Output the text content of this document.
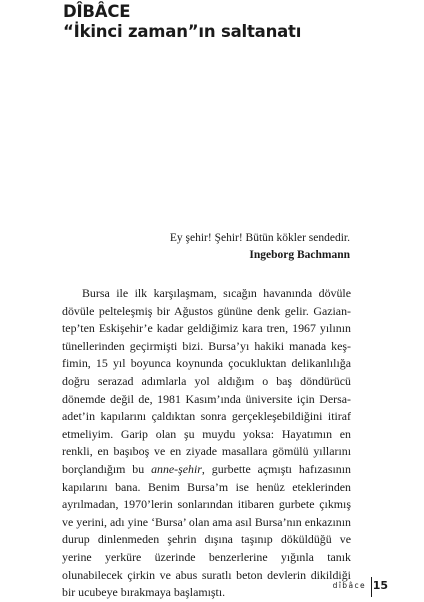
DÎBÂCE
“İkinci zaman”ın saltanatı
Ey şehir! Şehir! Bütün kökler sendedir.
Ingeborg Bachmann

Bursa ile ilk karşılaşmam, sıcağın havanında dövüle dövüle pelteleşmiş bir Ağustos gününe denk gelir. Gaziantep’ten Eskişehir’e kadar geldiğimiz kara tren, 1967 yılının tünellerinden geçirmişti bizi. Bursa’yı hakiki manada keşfimin, 15 yıl boyunca koynunda çocukluktan delikanlılığa doğru serazad adımlarla yol aldığım o baş döndürücü dönemde değil de, 1981 Kasım’ında üniversite için Dersaadet’in kapılarını çaldıktan sonra gerçekleşebildiğini itiraf etmeliyim. Garip olan şu muydu yoksa: Hayatımın en renkli, en başıboş ve en ziyade masallara gömülü yıllarını borçlandığım bu anne-şehir, gurbette açmıştı hafızasının kapılarını bana. Benim Bursa’m ise henüz eteklerinden ayrılmadan, 1970’lerin sonlarından itibaren gurbete çıkmış ve yerini, adı yine ‘Bursa’ olan ama asıl Bursa’nın enkazının durup dinlenmeden şehrin dışına taşınıp döküldüğü ve yerine yerküre üzerinde benzerlerine yığınla tanık olunabilecek çirkin ve abus suratlı beton devlerin dikildiği bir ucubeye bırakmaya başlamıştı.	dîbâce 15
